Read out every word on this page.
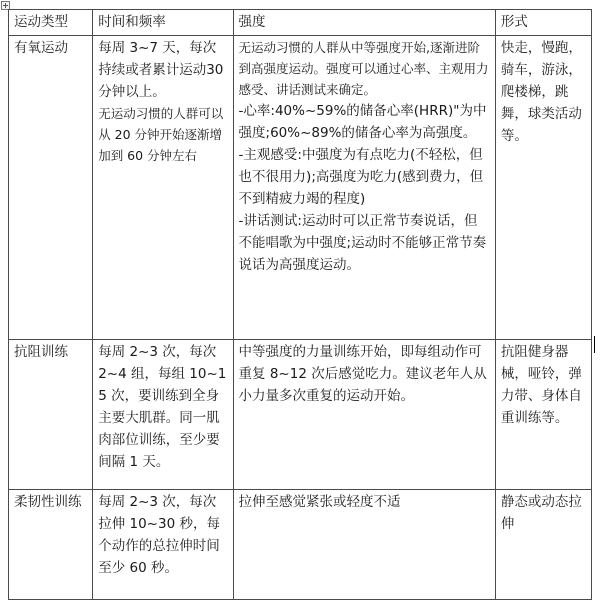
运动类型	时间和频率	强度	形式
有氧运动	每周 3~7 天，每次持续或者累计运动30 分钟以上。
无运动习惯的人群可以从 20 分钟开始逐渐增加到 60 分钟左右	无运动习惯的人群从中等强度开始,逐渐进阶到高强度运动。强度可以通过心率、主观用力感受、讲话测试来确定。
-心率:40%~59%的储备心率(HRR)"为中强度;60%~89%的储备心率为高强度。
-主观感受:中强度为有点吃力(不轻松，但也不很用力);高强度为吃力(感到费力，但不到精疲力竭的程度)
-讲话测试:运动时可以正常节奏说话，但不能唱歌为中强度;运动时不能够正常节奏说话为高强度运动。	快走，慢跑，骑车，游泳，爬楼梯，跳舞，球类活动等。
抗阻训练	每周 2~3 次，每次 2~4 组，每组 10~15 次，要训练到全身主要大肌群。同一肌肉部位训练，至少要间隔 1 天。	中等强度的力量训练开始，即每组动作可重复 8~12 次后感觉吃力。建议老年人从小力量多次重复的运动开始。	抗阻健身器械，哑铃，弹力带、身体自重训练等。
柔韧性训练	每周 2~3 次，每次拉伸 10~30 秒，每个动作的总拉伸时间至少 60 秒。	拉伸至感觉紧张或轻度不适	静态或动态拉伸
